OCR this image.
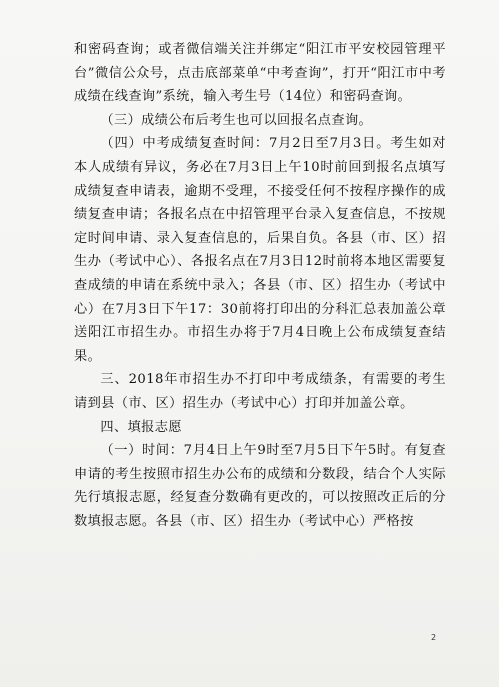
和密码查询；或者微信端关注并绑定“阳江市平安校园管理平台”微信公众号，点击底部菜单“中考查询”，打开“阳江市中考成绩在线查询”系统，输入考生号（14位）和密码查询。

（三）成绩公布后考生也可以回报名点查询。

（四）中考成绩复查时间：7月2日至7月3日。考生如对本人成绩有异议，务必在7月3日上午10时前回到报名点填写成绩复查申请表，逾期不受理，不接受任何不按程序操作的成绩复查申请；各报名点在中招管理平台录入复查信息，不按规定时间申请、录入复查信息的，后果自负。各县（市、区）招生办（考试中心）、各报名点在7月3日12时前将本地区需要复查成绩的申请在系统中录入；各县（市、区）招生办（考试中心）在7月3日下午17：30前将打印出的分科汇总表加盖公章送阳江市招生办。市招生办将于7月4日晚上公布成绩复查结果。

三、2018年市招生办不打印中考成绩条，有需要的考生请到县（市、区）招生办（考试中心）打印并加盖公章。

四、填报志愿

（一）时间：7月4日上午9时至7月5日下午5时。有复查申请的考生按照市招生办公布的成绩和分数段，结合个人实际先行填报志愿，经复查分数确有更改的，可以按照改正后的分数填报志愿。各县（市、区）招生办（考试中心）严格按

2
